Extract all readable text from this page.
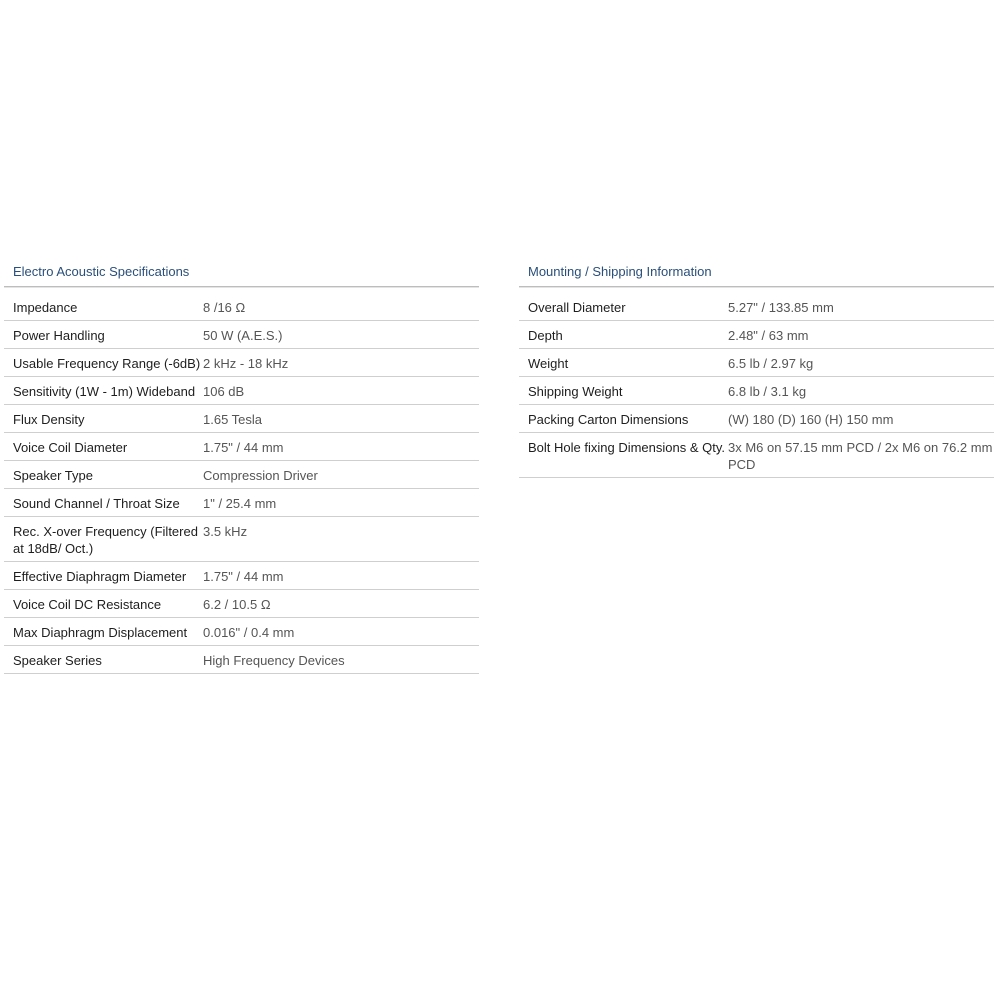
Electro Acoustic Specifications
Impedance	8 /16 Ω
Power Handling	50 W (A.E.S.)
Usable Frequency Range (-6dB)	2 kHz - 18 kHz
Sensitivity (1W - 1m) Wideband	106 dB
Flux Density	1.65 Tesla
Voice Coil Diameter	1.75" / 44 mm
Speaker Type	Compression Driver
Sound Channel / Throat Size	1" / 25.4 mm
Rec. X-over Frequency (Filtered at 18dB/ Oct.)	3.5 kHz
Effective Diaphragm Diameter	1.75" / 44 mm
Voice Coil DC Resistance	6.2 / 10.5 Ω
Max Diaphragm Displacement	0.016" / 0.4 mm
Speaker Series	High Frequency Devices
Mounting / Shipping Information
Overall Diameter	5.27" / 133.85 mm
Depth	2.48" / 63 mm
Weight	6.5 lb / 2.97 kg
Shipping Weight	6.8 lb / 3.1 kg
Packing Carton Dimensions	(W) 180 (D) 160 (H) 150 mm
Bolt Hole fixing Dimensions & Qty.	3x M6 on 57.15 mm PCD / 2x M6 on 76.2 mm PCD
